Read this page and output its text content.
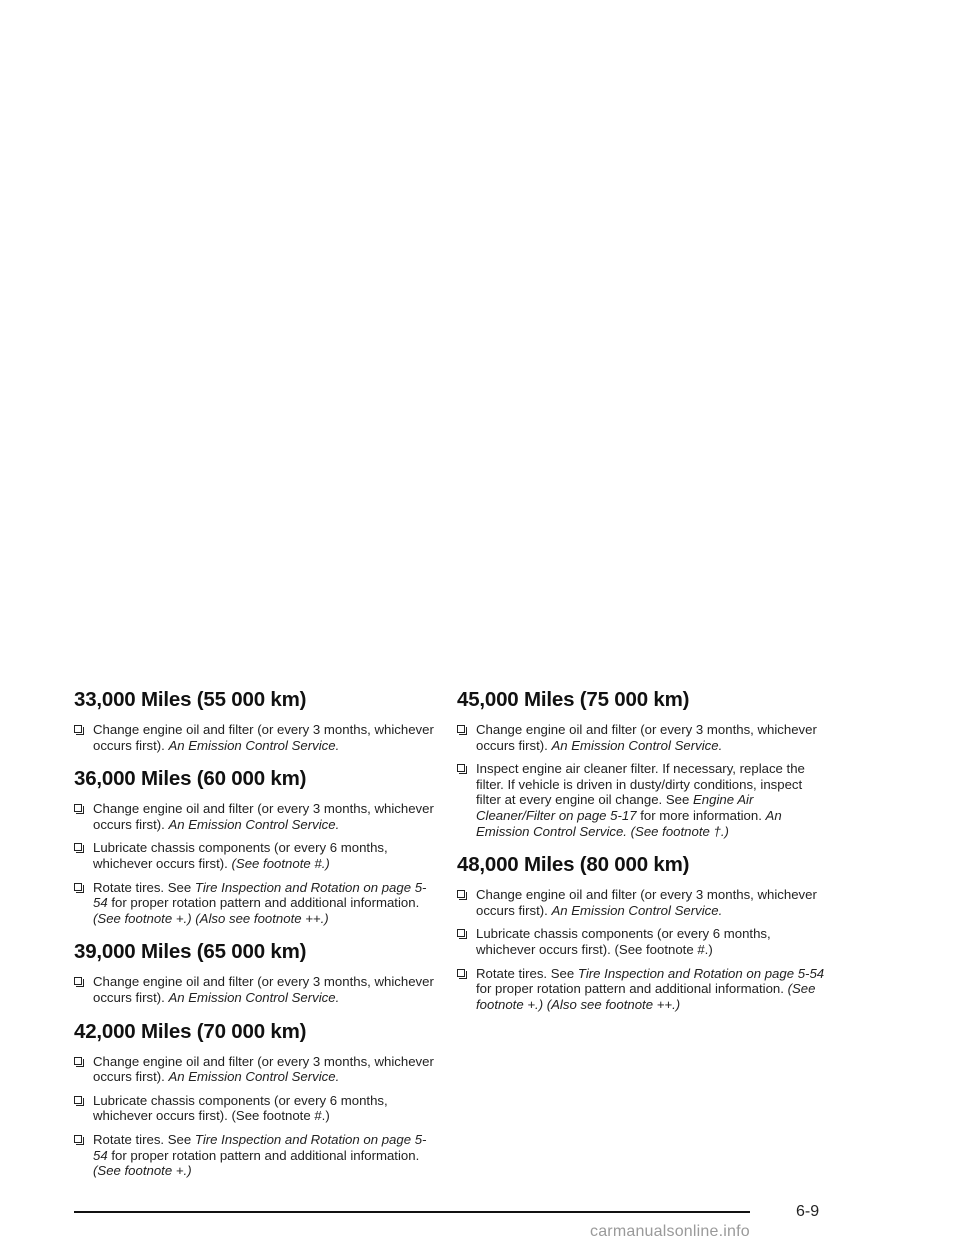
33,000 Miles (55 000 km)
Change engine oil and filter (or every 3 months, whichever occurs first). An Emission Control Service.
36,000 Miles (60 000 km)
Change engine oil and filter (or every 3 months, whichever occurs first). An Emission Control Service.
Lubricate chassis components (or every 6 months, whichever occurs first). (See footnote #.)
Rotate tires. See Tire Inspection and Rotation on page 5-54 for proper rotation pattern and additional information. (See footnote +.) (Also see footnote ++.)
39,000 Miles (65 000 km)
Change engine oil and filter (or every 3 months, whichever occurs first). An Emission Control Service.
42,000 Miles (70 000 km)
Change engine oil and filter (or every 3 months, whichever occurs first). An Emission Control Service.
Lubricate chassis components (or every 6 months, whichever occurs first). (See footnote #.)
Rotate tires. See Tire Inspection and Rotation on page 5-54 for proper rotation pattern and additional information. (See footnote +.)
45,000 Miles (75 000 km)
Change engine oil and filter (or every 3 months, whichever occurs first). An Emission Control Service.
Inspect engine air cleaner filter. If necessary, replace the filter. If vehicle is driven in dusty/dirty conditions, inspect filter at every engine oil change. See Engine Air Cleaner/Filter on page 5-17 for more information. An Emission Control Service. (See footnote †.)
48,000 Miles (80 000 km)
Change engine oil and filter (or every 3 months, whichever occurs first). An Emission Control Service.
Lubricate chassis components (or every 6 months, whichever occurs first). (See footnote #.)
Rotate tires. See Tire Inspection and Rotation on page 5-54 for proper rotation pattern and additional information. (See footnote +.) (Also see footnote ++.)
6-9
carmanualsonline.info
